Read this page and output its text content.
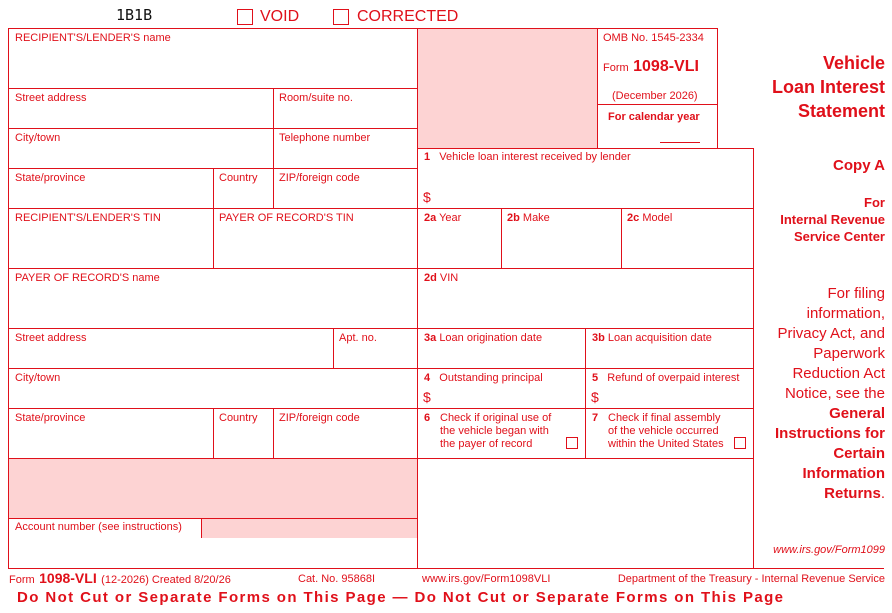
1B1B	VOID	CORRECTED
RECIPIENT'S/LENDER'S name
Street address	Room/suite no.
City/town	Telephone number
State/province	Country ZIP/foreign code
RECIPIENT'S/LENDER'S TIN	PAYER OF RECORD'S TIN
PAYER OF RECORD'S name
Street address	Apt. no.
City/town
State/province	Country ZIP/foreign code
Account number (see instructions)
OMB No. 1545-2334
Form 1098-VLI
(December 2026)
For calendar year
Vehicle
Loan Interest
Statement
1 Vehicle loan interest received by lender
$
2a Year	2b Make	2c Model
2d VIN
3a Loan origination date	3b Loan acquisition date
4 Outstanding principal
$
5 Refund of overpaid interest
$
6 Check if original use of
the vehicle began with
the payer of record
7 Check if final assembly
of the vehicle occurred
within the United States
Copy A
For
Internal Revenue
Service Center
For filing
information,
Privacy Act, and
Paperwork
Reduction Act
Notice, see the
General
Instructions for
Certain
Information
Returns.
www.irs.gov/Form1099
Form 1098-VLI (12-2026) Created 8/20/26	Cat. No. 95868I	www.irs.gov/Form1098VLI	Department of the Treasury - Internal Revenue Service
Do Not Cut or Separate Forms on This Page — Do Not Cut or Separate Forms on This Page
